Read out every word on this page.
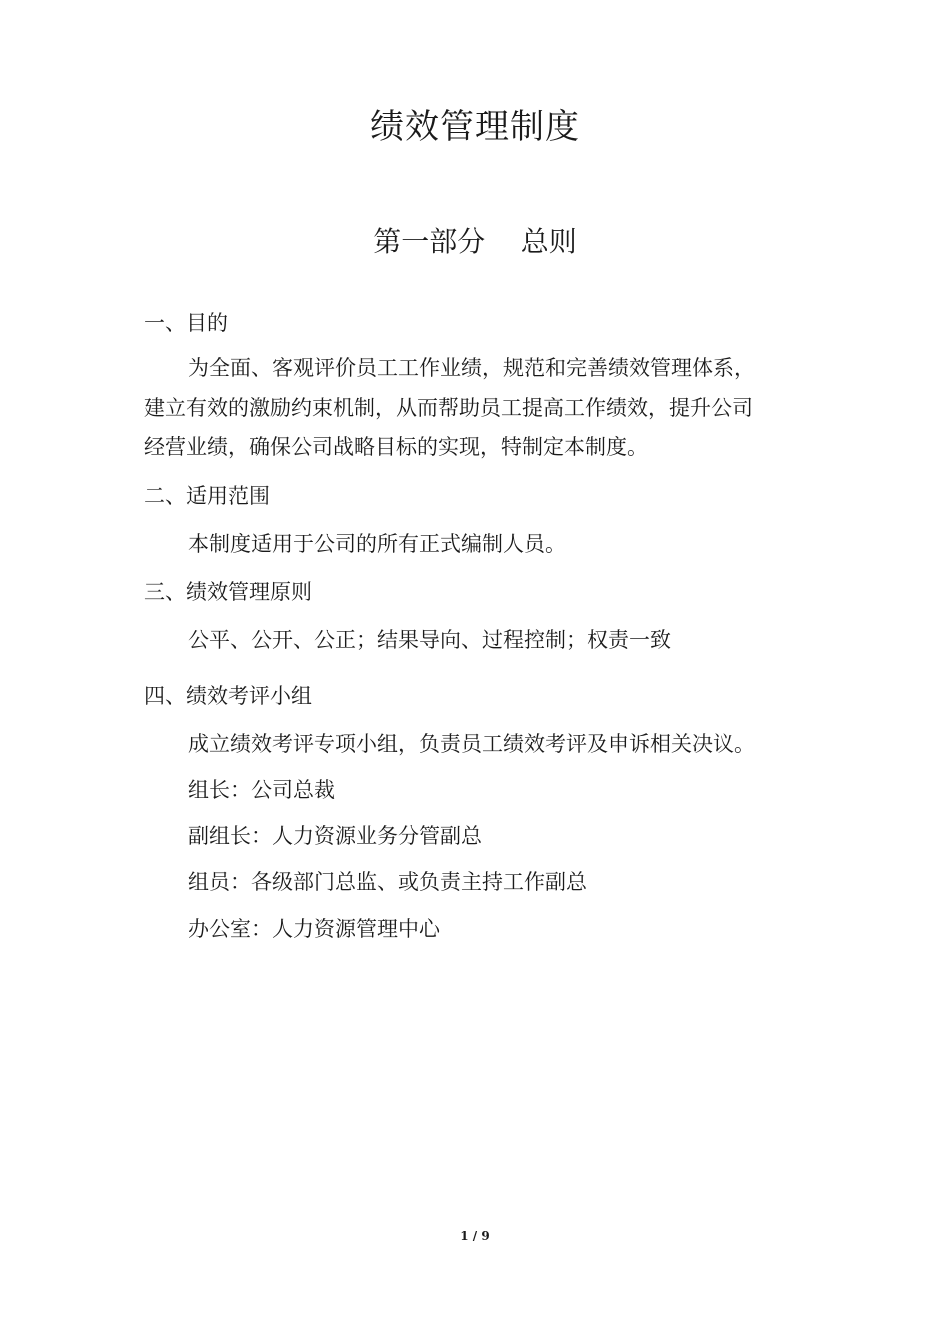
绩效管理制度
第一部分    总则
一、目的
为全面、客观评价员工工作业绩，规范和完善绩效管理体系，
建立有效的激励约束机制，从而帮助员工提高工作绩效，提升公司
经营业绩，确保公司战略目标的实现，特制定本制度。
二、适用范围
本制度适用于公司的所有正式编制人员。
三、绩效管理原则
公平、公开、公正；结果导向、过程控制；权责一致
四、绩效考评小组
成立绩效考评专项小组，负责员工绩效考评及申诉相关决议。
组长：公司总裁
副组长：人力资源业务分管副总
组员：各级部门总监、或负责主持工作副总
办公室：人力资源管理中心
1 / 9
